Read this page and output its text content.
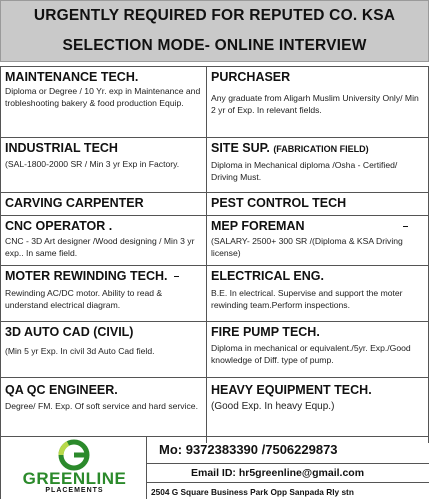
URGENTLY REQUIRED FOR REPUTED CO. KSA
SELECTION MODE- ONLINE INTERVIEW
MAINTENANCE TECH.
Diploma or Degree / 10 Yr. exp in Maintenance and trobleshooting bakery & food production Equip.
PURCHASER
Any graduate from Aligarh Muslim University Only/ Min 2 yr of Exp. In relevant fields.
INDUSTRIAL TECH
(SAL-1800-2000 SR / Min 3 yr Exp in Factory.
SITE SUP. (FABRICATION FIELD)
Diploma in Mechanical diploma /Osha - Certified/ Driving Must.
CARVING CARPENTER	PEST CONTROL TECH
CNC OPERATOR .
CNC - 3D Art designer /Wood designing / Min 3 yr exp.. In same field.
MEP FOREMAN
(SALARY- 2500+ 300 SR /(Diploma & KSA Driving license)
MOTER REWINDING TECH.
Rewinding AC/DC motor. Ability to read & understand electrical diagram.
ELECTRICAL ENG.
B.E. In electrical. Supervise and support the moter rewinding team.Perform inspections.
3D AUTO CAD (CIVIL)
(Min 5 yr Exp. In civil 3d Auto Cad field.
FIRE PUMP TECH.
Diploma in mechanical or equivalent./5yr. Exp./Good knowledge of Diff. type of pump.
QA QC ENGINEER.
Degree/ FM. Exp. Of soft service and hard service.
HEAVY EQUIPMENT TECH.
(Good Exp. In heavy Equp.)
GREENLINE
PLACEMENTS
Mo: 9372383390 /7506229873
Email ID: hr5greenline@gmail.com
2504 G Square Business Park Opp Sanpada Rly stn
